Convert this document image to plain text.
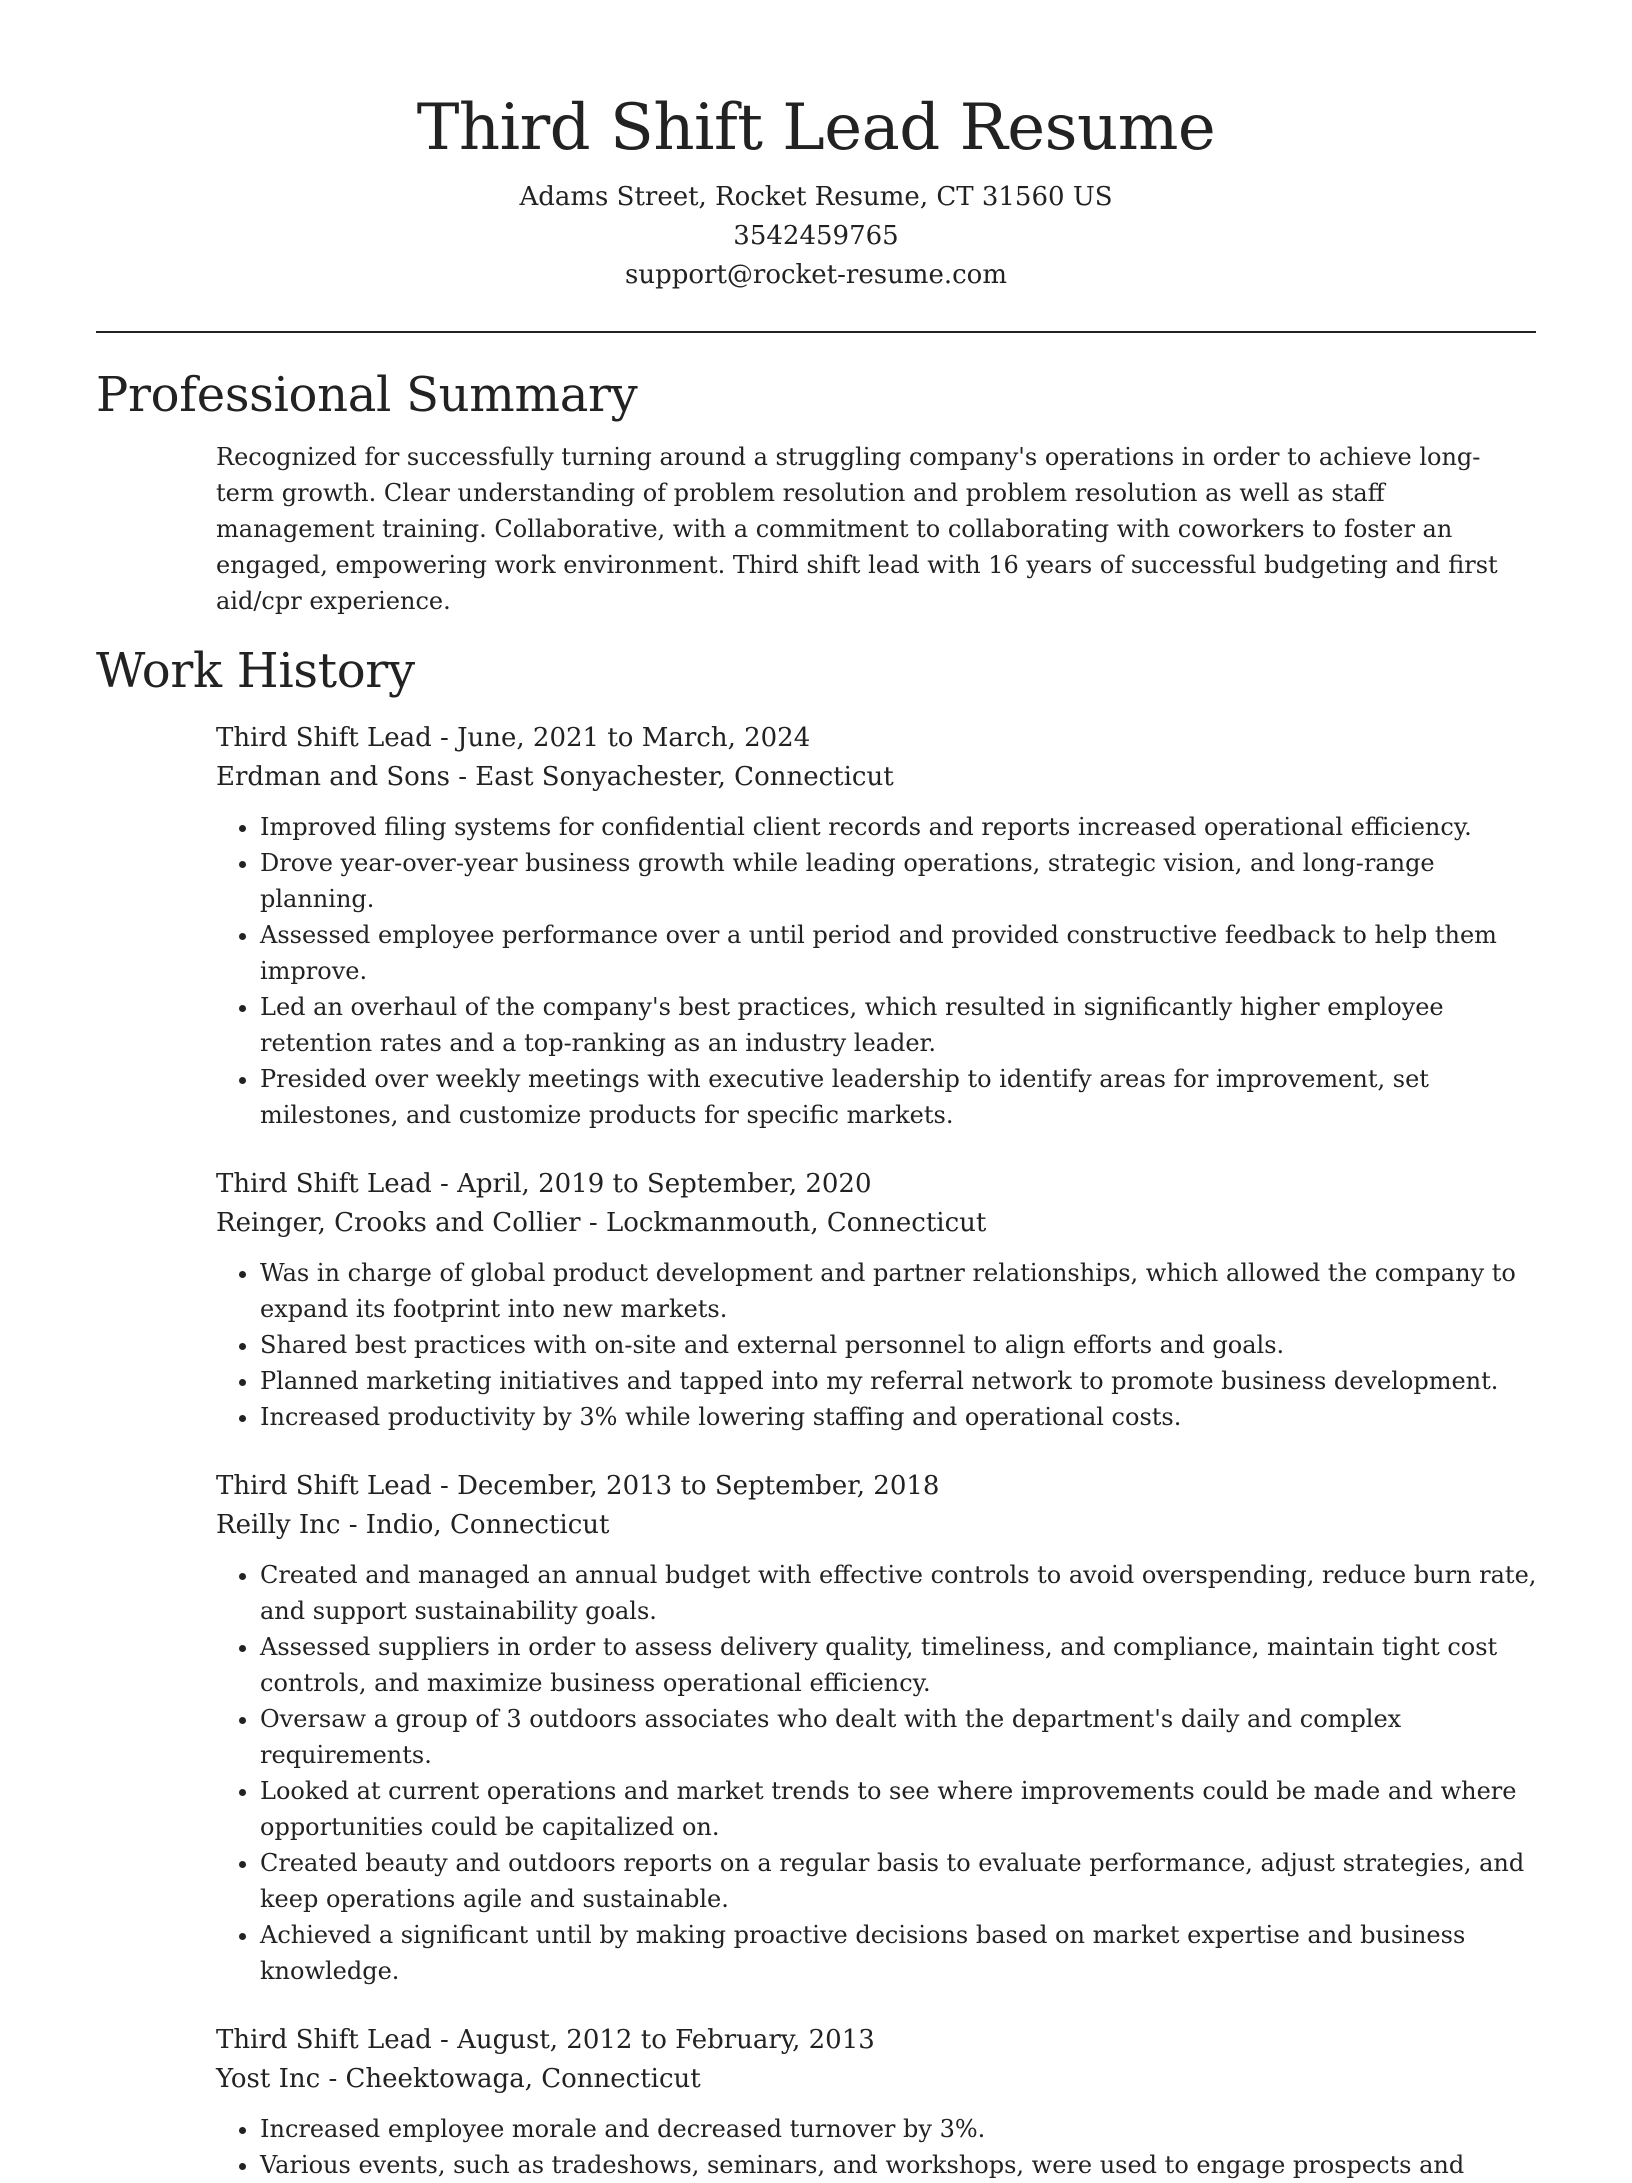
Third Shift Lead Resume

Adams Street, Rocket Resume, CT 31560 US

3542459765

support@rocket-resume.com

Professional Summary

Recognized for successfully turning around a struggling company's operations in order to achieve long-term growth. Clear understanding of problem resolution and problem resolution as well as staff management training. Collaborative, with a commitment to collaborating with coworkers to foster an engaged, empowering work environment. Third shift lead with 16 years of successful budgeting and first aid/cpr experience.

Work History

Third Shift Lead - June, 2021 to March, 2024

Erdman and Sons - East Sonyachester, Connecticut

• Improved filing systems for confidential client records and reports increased operational efficiency.
• Drove year-over-year business growth while leading operations, strategic vision, and long-range planning.
• Assessed employee performance over a until period and provided constructive feedback to help them improve.
• Led an overhaul of the company's best practices, which resulted in significantly higher employee retention rates and a top-ranking as an industry leader.
• Presided over weekly meetings with executive leadership to identify areas for improvement, set milestones, and customize products for specific markets.

Third Shift Lead - April, 2019 to September, 2020

Reinger, Crooks and Collier - Lockmanmouth, Connecticut

• Was in charge of global product development and partner relationships, which allowed the company to expand its footprint into new markets.
• Shared best practices with on-site and external personnel to align efforts and goals.
• Planned marketing initiatives and tapped into my referral network to promote business development.
• Increased productivity by 3% while lowering staffing and operational costs.

Third Shift Lead - December, 2013 to September, 2018

Reilly Inc - Indio, Connecticut

• Created and managed an annual budget with effective controls to avoid overspending, reduce burn rate, and support sustainability goals.
• Assessed suppliers in order to assess delivery quality, timeliness, and compliance, maintain tight cost controls, and maximize business operational efficiency.
• Oversaw a group of 3 outdoors associates who dealt with the department's daily and complex requirements.
• Looked at current operations and market trends to see where improvements could be made and where opportunities could be capitalized on.
• Created beauty and outdoors reports on a regular basis to evaluate performance, adjust strategies, and keep operations agile and sustainable.
• Achieved a significant until by making proactive decisions based on market expertise and business knowledge.

Third Shift Lead - August, 2012 to February, 2013

Yost Inc - Cheektowaga, Connecticut

• Increased employee morale and decreased turnover by 3%.
• Various events, such as tradeshows, seminars, and workshops, were used to engage prospects and
